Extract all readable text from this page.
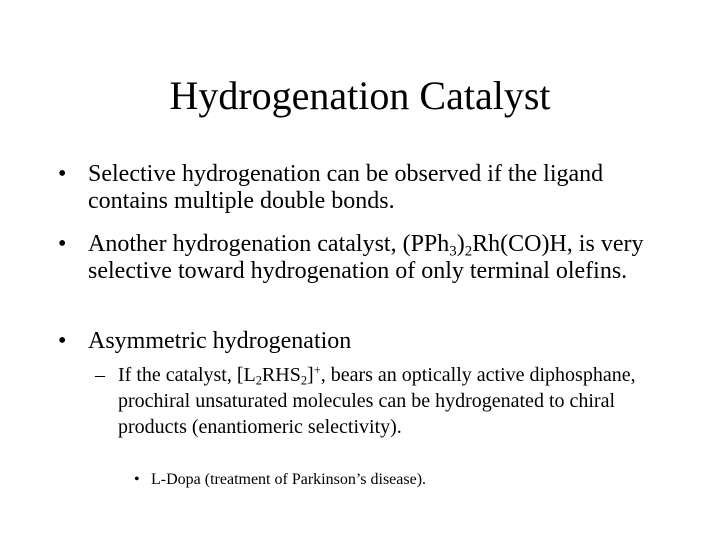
Hydrogenation Catalyst
• Selective hydrogenation can be observed if the ligand contains multiple double bonds.
• Another hydrogenation catalyst, $(PPh_3)_2Rh(CO)H$, is very selective toward hydrogenation of only terminal olefins.
• Asymmetric hydrogenation
– If the catalyst, $[L_2RHS_2]^+$, bears an optically active diphosphane, prochiral unsaturated molecules can be hydrogenated to chiral products (enantiomeric selectivity).
• L-Dopa (treatment of Parkinson’s disease).
